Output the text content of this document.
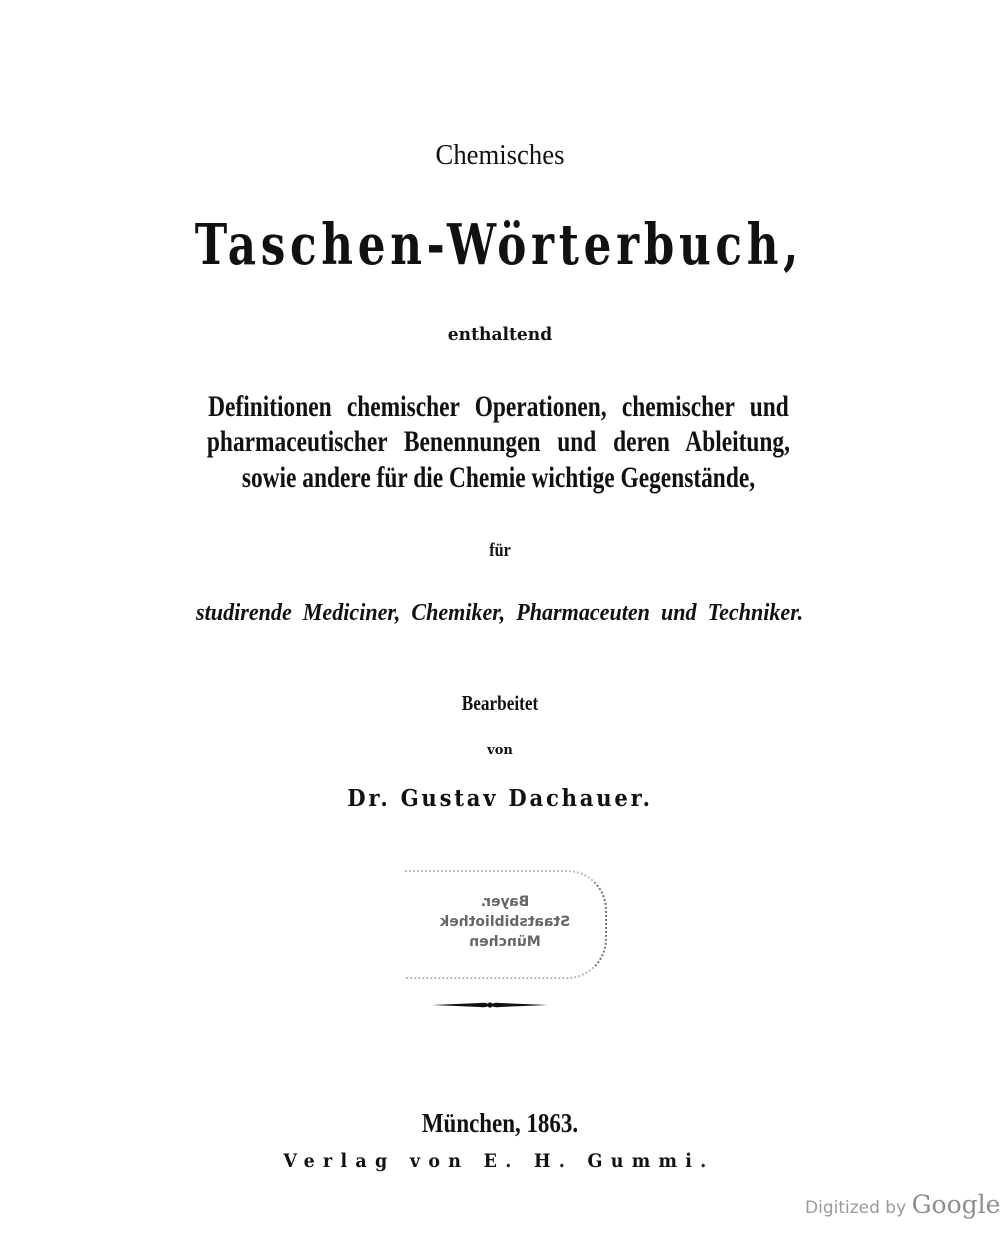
Chemisches
Taschen-Wörterbuch,
enthaltend
Definitionen chemischer Operationen, chemischer und
pharmaceutischer Benennungen und deren Ableitung,
sowie andere für die Chemie wichtige Gegenstände,
für
studirende Mediciner, Chemiker, Pharmaceuten und Techniker.
Bearbeitet
von
Dr. Gustav Dachauer.
Bayer.
Staatsbibliothek
München
München, 1863.
Verlag von E. H. Gummi.
Digitized by Google
